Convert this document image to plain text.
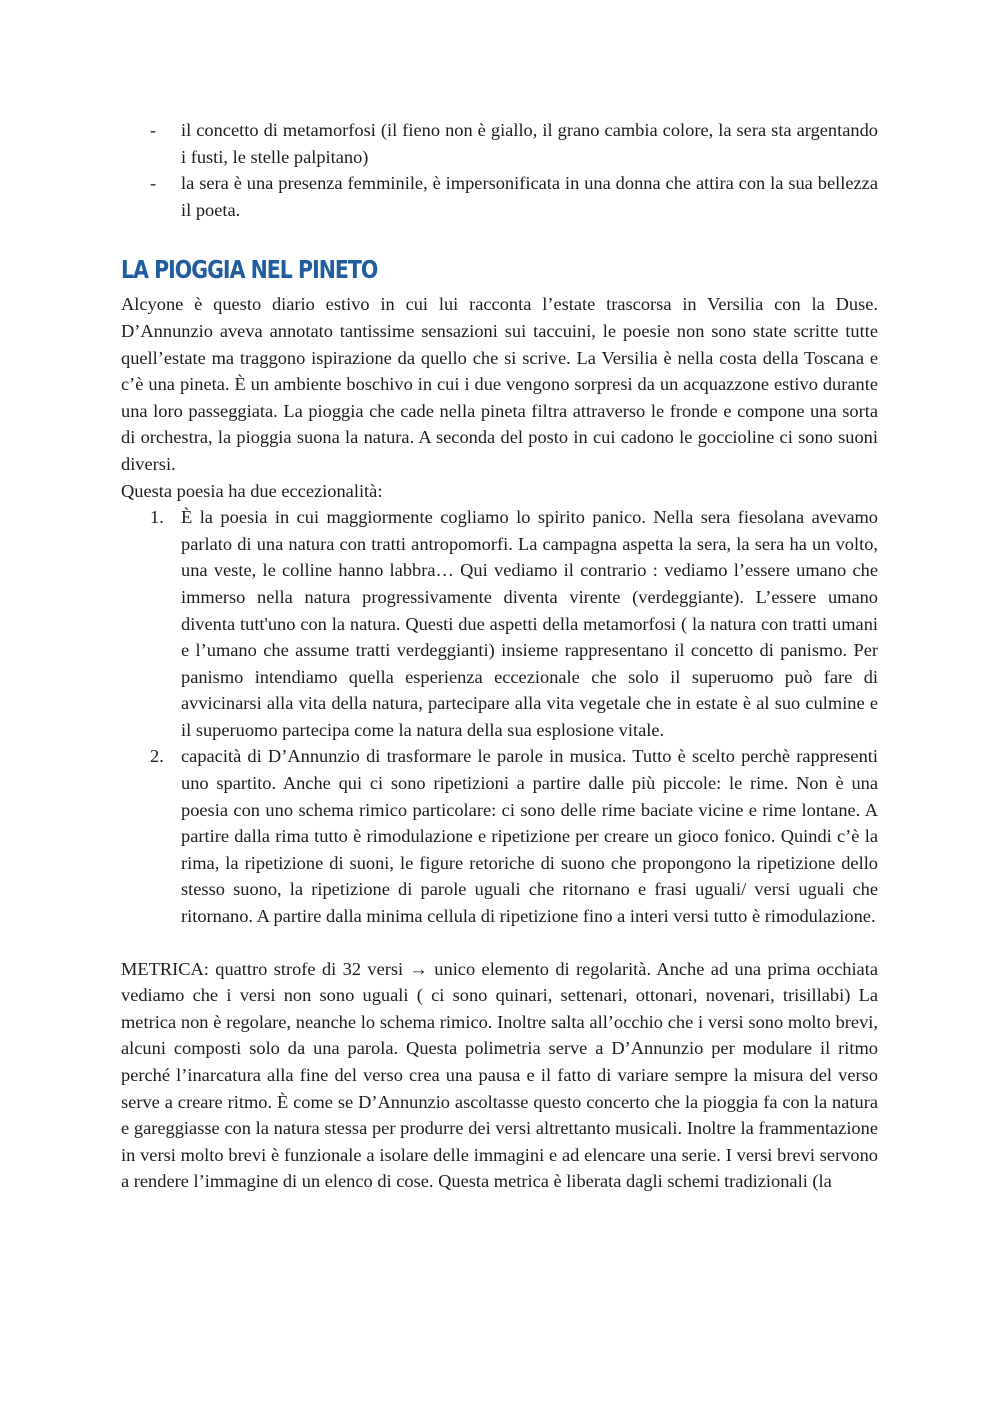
- il concetto di metamorfosi (il fieno non è giallo, il grano cambia colore, la sera sta argentando i fusti, le stelle palpitano)
- la sera è una presenza femminile, è impersonificata in una donna che attira con la sua bellezza il poeta.
LA PIOGGIA NEL PINETO
Alcyone è questo diario estivo in cui lui racconta l’estate trascorsa in Versilia con la Duse. D’Annunzio aveva annotato tantissime sensazioni sui taccuini, le poesie non sono state scritte tutte quell’estate ma traggono ispirazione da quello che si scrive. La Versilia è nella costa della Toscana e c’è una pineta. È un ambiente boschivo in cui i due vengono sorpresi da un acquazzone estivo durante una loro passeggiata. La pioggia che cade nella pineta filtra attraverso le fronde e compone una sorta di orchestra, la pioggia suona la natura. A seconda del posto in cui cadono le goccioline ci sono suoni diversi.
Questa poesia ha due eccezionalità:
1. È la poesia in cui maggiormente cogliamo lo spirito panico. Nella sera fiesolana avevamo parlato di una natura con tratti antropomorfi. La campagna aspetta la sera, la sera ha un volto, una veste, le colline hanno labbra… Qui vediamo il contrario : vediamo l’essere umano che immerso nella natura progressivamente diventa virente (verdeggiante). L’essere umano diventa tutt'uno con la natura. Questi due aspetti della metamorfosi ( la natura con tratti umani e l’umano che assume tratti verdeggianti) insieme rappresentano il concetto di panismo. Per panismo intendiamo quella esperienza eccezionale che solo il superuomo può fare di avvicinarsi alla vita della natura, partecipare alla vita vegetale che in estate è al suo culmine e il superuomo partecipa come la natura della sua esplosione vitale.
2. capacità di D’Annunzio di trasformare le parole in musica. Tutto è scelto perchè rappresenti uno spartito. Anche qui ci sono ripetizioni a partire dalle più piccole: le rime. Non è una poesia con uno schema rimico particolare: ci sono delle rime baciate vicine e rime lontane. A partire dalla rima tutto è rimodulazione e ripetizione per creare un gioco fonico. Quindi c’è la rima, la ripetizione di suoni, le figure retoriche di suono che propongono la ripetizione dello stesso suono, la ripetizione di parole uguali che ritornano e frasi uguali/ versi uguali che ritornano. A partire dalla minima cellula di ripetizione fino a interi versi tutto è rimodulazione.
METRICA: quattro strofe di 32 versi → unico elemento di regolarità. Anche ad una prima occhiata vediamo che i versi non sono uguali ( ci sono quinari, settenari, ottonari, novenari, trisillabi) La metrica non è regolare, neanche lo schema rimico. Inoltre salta all’occhio che i versi sono molto brevi, alcuni composti solo da una parola. Questa polimetria serve a D’Annunzio per modulare il ritmo perché l’inarcatura alla fine del verso crea una pausa e il fatto di variare sempre la misura del verso serve a creare ritmo. È come se D’Annunzio ascoltasse questo concerto che la pioggia fa con la natura e gareggiasse con la natura stessa per produrre dei versi altrettanto musicali. Inoltre la frammentazione in versi molto brevi è funzionale a isolare delle immagini e ad elencare una serie. I versi brevi servono a rendere l’immagine di un elenco di cose. Questa metrica è liberata dagli schemi tradizionali (la
